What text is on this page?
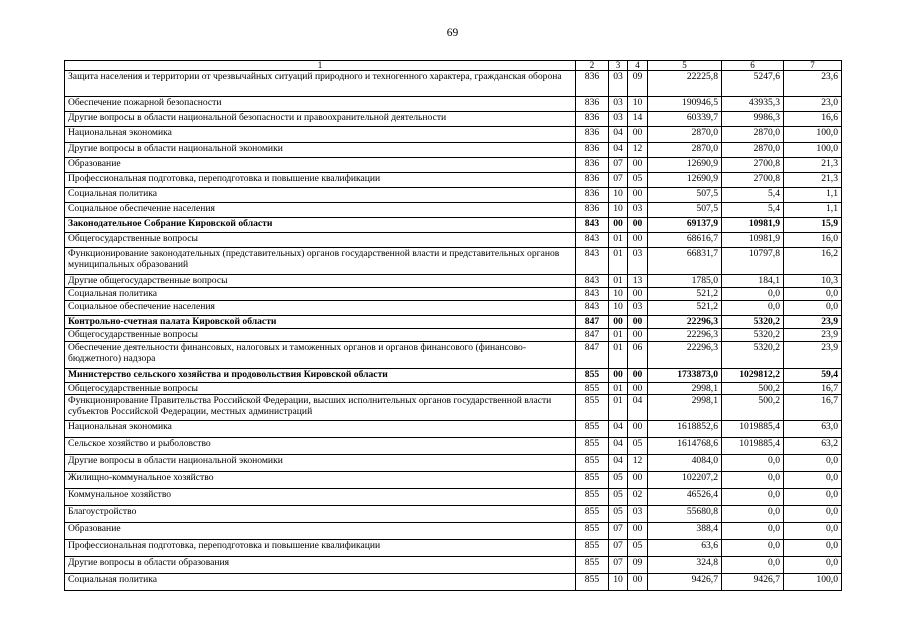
69
1	2	3	4	5	6	7
Защита населения и территории от чрезвычайных ситуаций природного и техногенного характера, гражданская оборона	836	03	09	22225,8	5247,6	23,6
Обеспечение пожарной безопасности	836	03	10	190946,5	43935,3	23,0
Другие вопросы в области национальной безопасности и правоохранительной деятельности	836	03	14	60339,7	9986,3	16,6
Национальная экономика	836	04	00	2870,0	2870,0	100,0
Другие вопросы в области национальной экономики	836	04	12	2870,0	2870,0	100,0
Образование	836	07	00	12690,9	2700,8	21,3
Профессиональная подготовка, переподготовка и повышение квалификации	836	07	05	12690,9	2700,8	21,3
Социальная политика	836	10	00	507,5	5,4	1,1
Социальное обеспечение населения	836	10	03	507,5	5,4	1,1
Законодательное Собрание Кировской области	843	00	00	69137,9	10981,9	15,9
Общегосударственные вопросы	843	01	00	68616,7	10981,9	16,0
Функционирование законодательных (представительных) органов государственной власти и представительных органов муниципальных образований	843	01	03	66831,7	10797,8	16,2
Другие общегосударственные вопросы	843	01	13	1785,0	184,1	10,3
Социальная политика	843	10	00	521,2	0,0	0,0
Социальное обеспечение населения	843	10	03	521,2	0,0	0,0
Контрольно-счетная палата Кировской области	847	00	00	22296,3	5320,2	23,9
Общегосударственные вопросы	847	01	00	22296,3	5320,2	23,9
Обеспечение деятельности финансовых, налоговых и таможенных органов и органов финансового (финансово-бюджетного) надзора	847	01	06	22296,3	5320,2	23,9
Министерство сельского хозяйства и продовольствия Кировской области	855	00	00	1733873,0	1029812,2	59,4
Общегосударственные вопросы	855	01	00	2998,1	500,2	16,7
Функционирование Правительства Российской Федерации, высших исполнительных органов государственной власти субъектов Российской Федерации, местных администраций	855	01	04	2998,1	500,2	16,7
Национальная экономика	855	04	00	1618852,6	1019885,4	63,0
Сельское хозяйство и рыболовство	855	04	05	1614768,6	1019885,4	63,2
Другие вопросы в области национальной экономики	855	04	12	4084,0	0,0	0,0
Жилищно-коммунальное хозяйство	855	05	00	102207,2	0,0	0,0
Коммунальное хозяйство	855	05	02	46526,4	0,0	0,0
Благоустройство	855	05	03	55680,8	0,0	0,0
Образование	855	07	00	388,4	0,0	0,0
Профессиональная подготовка, переподготовка и повышение квалификации	855	07	05	63,6	0,0	0,0
Другие вопросы в области образования	855	07	09	324,8	0,0	0,0
Социальная политика	855	10	00	9426,7	9426,7	100,0
